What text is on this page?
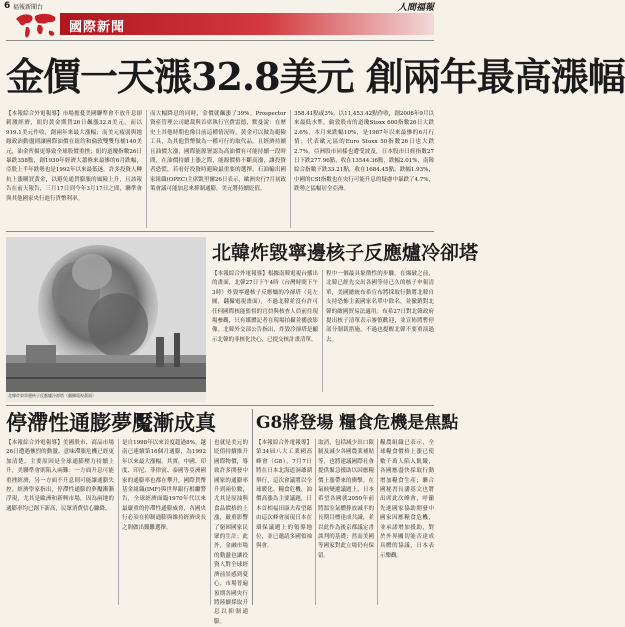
6 福報新聞台	人間福報
國際新聞
金價一天漲32.8美元 創兩年最高漲幅
【本報綜合外電報導】市場擔憂美國聯準會不放升息卻刺激經濟，紐約黃金期貨26日飆漲32.8美元，而以919.1美元作收，創兩年來最大漲幅；而美元疲弱與地緣政治動盪則讓國際油價在紐約和倫敦雙雙每桶140美元，油金齊揚更導致全球股價重挫；紐約道瓊指數26日暴跌358點，創1930年經濟大蕭條來最慘的6月跌幅，亞股上半年跌勢也是1992年以來最低迷。許多投資人轉抗上漲購買黃金，以避免通貨膨脹的風險上升，且該報告在前天報告，三月17日到今年3月17日之間，聯準會與其他國家央行進行貨幣利率。
而大幅降息的同時，金價就飆漲了39%。Prospector資產管理公司總裁與首席執行官費雷德，默曼說：在歷史上其他時期也像目前這種情況時，黃金可以做為避險工具，為其他貨幣做為一種可行的取代品，且經濟持續且油價大漲，國際能源署認為高油價有可能持續一段時間，在油價持續上漲之際，能源價格不斷高漲，讓投資者恐慌，若看好投資時避險最重要的選擇。石油輸出國家組織(OPEC)主席凱里爾26日表示，歐洲央行7月初政策會議可能加息來抑制通膨，美元將持續貶值。
358.41點或3%，以11,453.42點作收，創2006年9月以來最低水準，倫敦股市的道瓊Stoxx 600指數26日大跌2.6%，本月來跌幅10%，是1987年以來最慘的6月行情；代表歐元區的Euro Stoxx 50指數26日也大跌2.7%。亞洲股市同樣也遭受波及，日本股市日經指數27日下跌277.96點，收在13544.36點，跌幅2.01%，南韓綜合指數下跌33.21點，收在1684.45點，跌幅1.93%，中國的CSI指數也在央行可能升息的疑慮中暴跌了4.7%，跌勢之猛幅居全亞洲。
北韓炸毀寧邊核子反應爐冷卻塔（翻攝電視畫面）
北韓炸毀寧邊核子反應爐冷卻塔
【本報綜合外電報導】根據南韓電視台播出的畫面，北韓27日下午4時（台灣時間下午3時）炸毀寧邊核子反應爐的冷卻塔（見左圖，翻攝電視畫面），不過北韓並沒有許可任何國際核能監督的官員與核查人員前往現場參觀，只有媒體記者在現場拍攝並播放影像。北韓外交部公告指出，炸毀冷卻塔是顯示北韓的非核化決心，已提交核計畫清單。
程中一個最具象徵性的步驟。在爆破之前，北韓已經先交出各國等待已久的核子申報清單，美國總統布希宣布將採取行動將北韓自支持恐怖主義國家名單中除名，並撤銷對北韓的敵國貿易法適用。布希27日對北韓政府提出核子清單表示審慎歡迎，並宣佈將暫停部分制裁措施，不過也提醒北韓不要重演過去。
停滯性通膨夢魘漸成真
【本報綜合外電報導】美國股市、商品市場26日遭遇慘烈的動盪，意味滯脹危機已經更加清楚，主要原因是全球通膨壓力持續上升，美聯準會則陷入兩難：一方面升息可能重挫經濟，另一方面不升息則可能讓通膨失控。經濟學家指出，停滯性通膨的夢魘漸漸浮現，尤其是歐洲和新興市場，因為兩地的通膨率均已創下新高，民眾消費信心驟降。
是自1998年以來首度超過8%。越南已連續第16個月通膨，為1992年以來最大漲幅。其實，中國、印度、印尼、菲律賓、泰國等亞洲國家的通膨率也都在攀升，國際貨幣基金組織(IMF)與世界銀行相繼警告，全球經濟面臨1970年代以來最嚴重的停滯性通膨威脅，各國央行必須在抑制通膨與維持經濟成長之間做出艱難選擇。
也就是美元的貶值持續推升國際物價，導致許多開發中國家的通膨率升到兩位數，尤其是原油與食品價格的上漲，嚴重影響了窮困國家民眾的生計；此外，金融市場的動盪也讓投資人對全球經濟前景感到憂心，市場普遍預期各國央行將陸續採取升息以抑制通膨。
G8將登場 糧食危機是焦點
【本報綜合外電報導】第34屆八大工業國高峰會（G8），7月7日將在日本北海道洞爺湖舉行。這次會議將以全球暖化、糧食危機、油價高漲為主要議題，日本首相福田康夫希望藉由這次峰會展現日本在環保議題上的領導地位，並已邀請多國領袖與會。
取消，包括減少出口限制及減少各國農業補貼等，也將建議國際社會提供緊急援助以因應糧價上漲帶來的衝擊。在氣候變遷議題上，日本希望各國就2050年前將溫室氣體排放減半的長期目標達成共識，並以此作為後京都議定書談判的基礎；然而美國等國家對此立場仍有保留。
糧農組織已表示，全球糧食價格上漲已使數千萬人陷入飢餓，各國應盡快採取行動增加糧食生產；聯合國秘書長潘基文也將出席此次峰會，呼籲先進國家協助開發中國家因應糧食危機，並承諾增加援助，對於外界關切能否達成具體的協議，日本表示樂觀。
